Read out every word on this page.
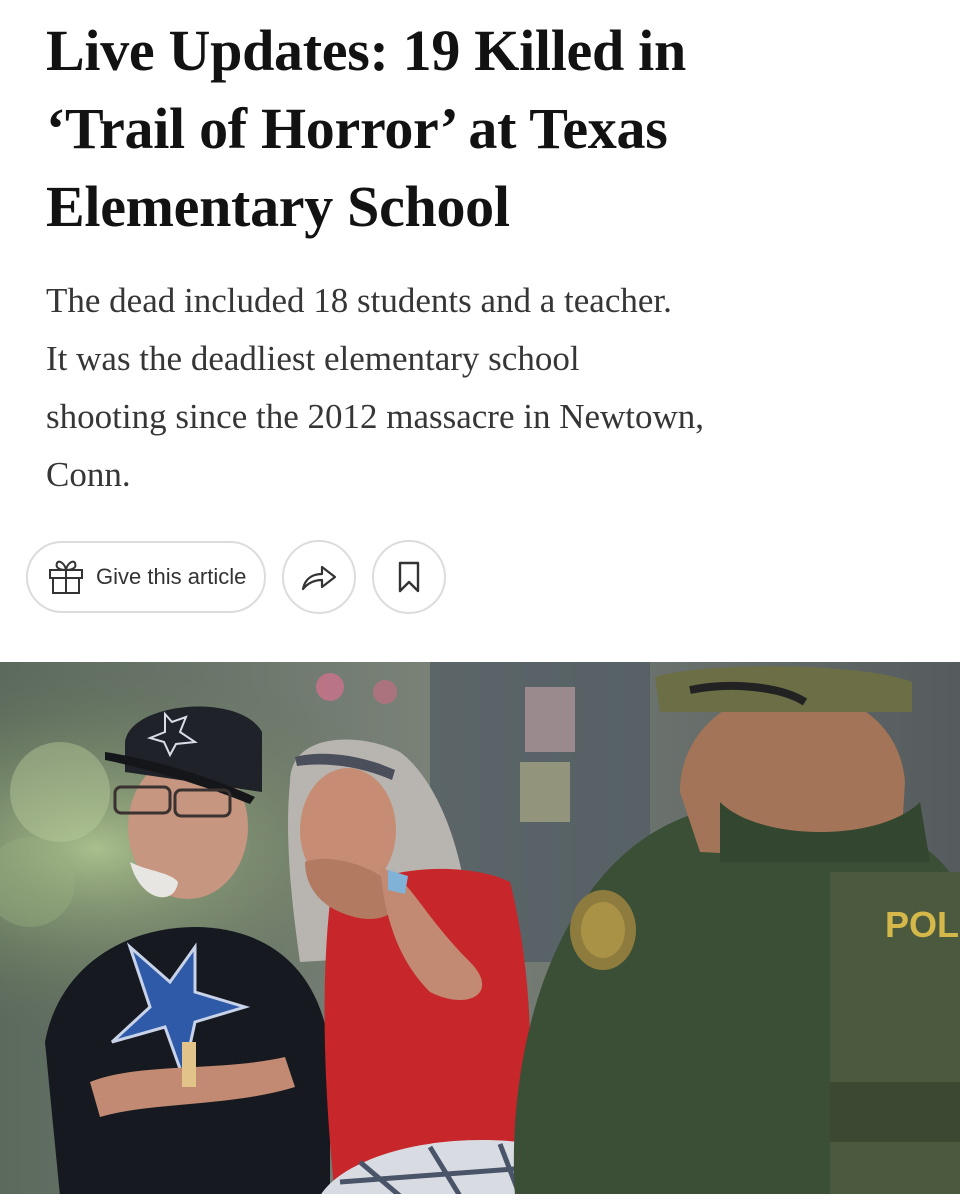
Live Updates: 19 Killed in
‘Trail of Horror’ at Texas
Elementary School

The dead included 18 students and a teacher.
It was the deadliest elementary school
shooting since the 2012 massacre in Newtown,
Conn.

Give this article
POL
